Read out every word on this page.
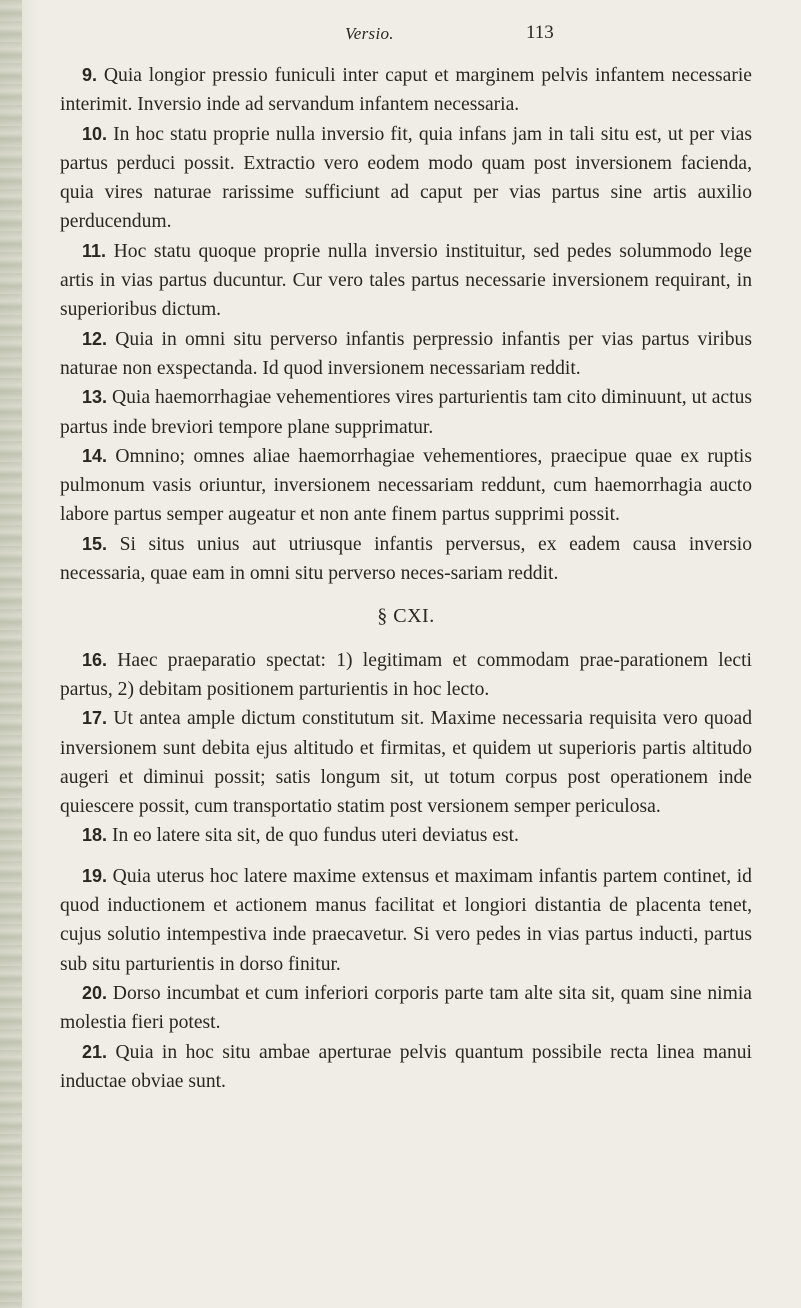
Versio.	113

9. Quia longior pressio funiculi inter caput et marginem pelvis infantem necessarie interimit. Inversio inde ad servandum infantem necessaria.

10. In hoc statu proprie nulla inversio fit, quia infans jam in tali situ est, ut per vias partus perduci possit. Extractio vero eodem modo quam post inversionem facienda, quia vires naturae rarissime sufficiunt ad caput per vias partus sine artis auxilio perducendum.

11. Hoc statu quoque proprie nulla inversio instituitur, sed pedes solummodo lege artis in vias partus ducuntur. Cur vero tales partus necessarie inversionem requirant, in superioribus dictum.

12. Quia in omni situ perverso infantis perpressio infantis per vias partus viribus naturae non exspectanda. Id quod inversionem necessariam reddit.

13. Quia haemorrhagiae vehementiores vires parturientis tam cito diminuunt, ut actus partus inde breviori tempore plane supprimatur.

14. Omnino; omnes aliae haemorrhagiae vehementiores, praecipue quae ex ruptis pulmonum vasis oriuntur, inversionem necessariam reddunt, cum haemorrhagia aucto labore partus semper augeatur et non ante finem partus supprimi possit.

15. Si situs unius aut utriusque infantis perversus, ex eadem causa inversio necessaria, quae eam in omni situ perverso neces-sariam reddit.

§ CXI.

16. Haec praeparatio spectat: 1) legitimam et commodam prae-parationem lecti partus, 2) debitam positionem parturientis in hoc lecto.

17. Ut antea ample dictum constitutum sit. Maxime necessaria requisita vero quoad inversionem sunt debita ejus altitudo et firmitas, et quidem ut superioris partis altitudo augeri et diminui possit; satis longum sit, ut totum corpus post operationem inde quiescere possit, cum transportatio statim post versionem semper periculosa.

18. In eo latere sita sit, de quo fundus uteri deviatus est.

19. Quia uterus hoc latere maxime extensus et maximam infantis partem continet, id quod inductionem et actionem manus facilitat et longiori distantia de placenta tenet, cujus solutio intempestiva inde praecavetur. Si vero pedes in vias partus inducti, partus sub situ parturientis in dorso finitur.

20. Dorso incumbat et cum inferiori corporis parte tam alte sita sit, quam sine nimia molestia fieri potest.

21. Quia in hoc situ ambae aperturae pelvis quantum possibile recta linea manui inductae obviae sunt.
